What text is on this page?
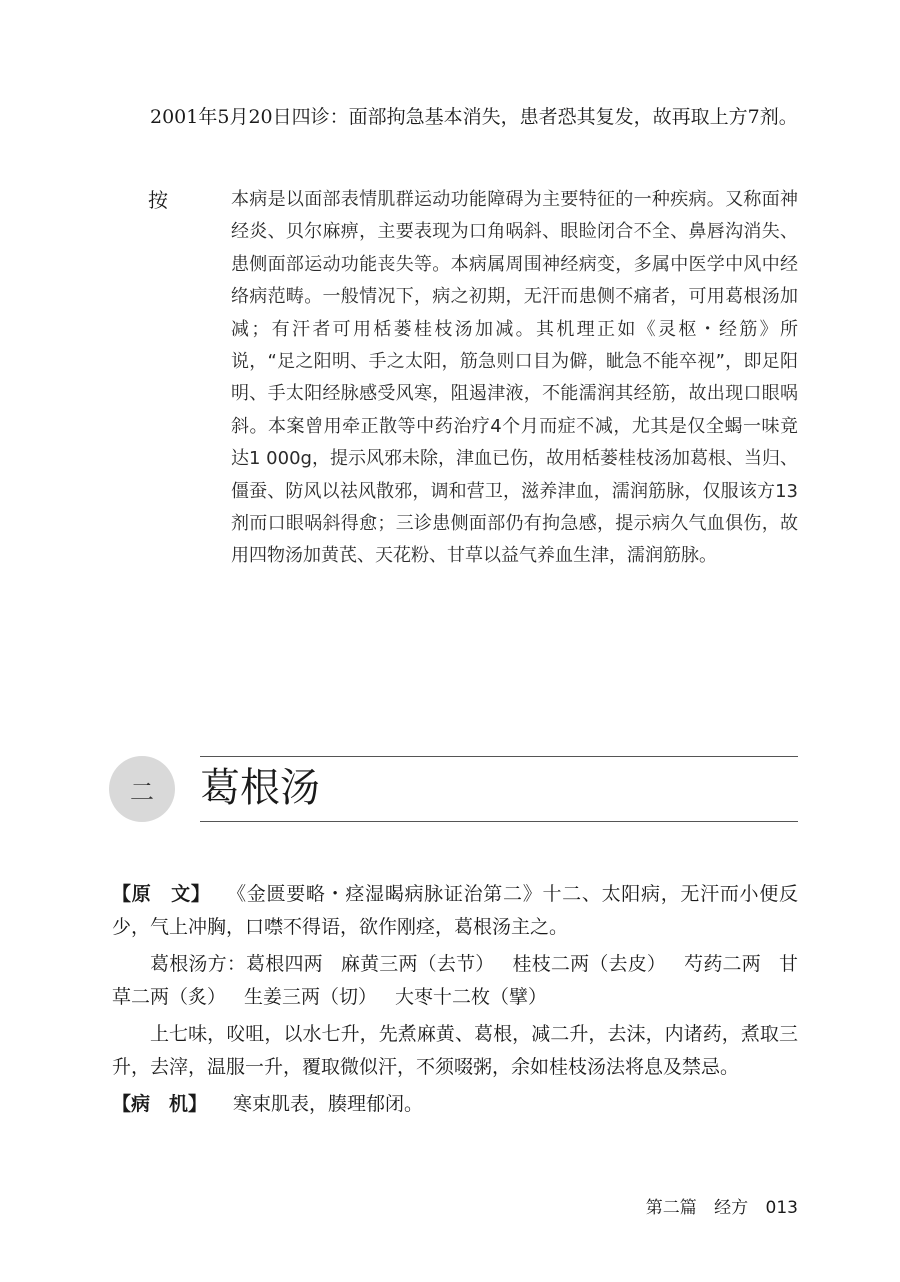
2001年5月20日四诊：面部拘急基本消失，患者恐其复发，故再取上方7剂。

按	本病是以面部表情肌群运动功能障碍为主要特征的一种疾病。又称面神经炎、贝尔麻痹，主要表现为口角㖞斜、眼睑闭合不全、鼻唇沟消失、患侧面部运动功能丧失等。本病属周围神经病变，多属中医学中风中经络病范畴。一般情况下，病之初期，无汗而患侧不痛者，可用葛根汤加减；有汗者可用栝蒌桂枝汤加减。其机理正如《灵枢・经筋》所说，“足之阳明、手之太阳，筋急则口目为僻，眦急不能卒视”，即足阳明、手太阳经脉感受风寒，阻遏津液，不能濡润其经筋，故出现口眼㖞斜。本案曾用牵正散等中药治疗4个月而症不减，尤其是仅全蝎一味竟达1 000g，提示风邪未除，津血已伤，故用栝蒌桂枝汤加葛根、当归、僵蚕、防风以祛风散邪，调和营卫，滋养津血，濡润筋脉，仅服该方13剂而口眼㖞斜得愈；三诊患侧面部仍有拘急感，提示病久气血俱伤，故用四物汤加黄芪、天花粉、甘草以益气养血生津，濡润筋脉。

二	葛根汤

【原　文】 《金匮要略・痉湿暍病脉证治第二》十二、太阳病，无汗而小便反少，气上冲胸，口噤不得语，欲作刚痉，葛根汤主之。

葛根汤方：葛根四两 麻黄三两（去节） 桂枝二两（去皮） 芍药二两 甘草二两（炙） 生姜三两（切） 大枣十二枚（擘）

上七味，㕮咀，以水七升，先煮麻黄、葛根，减二升，去沫，内诸药，煮取三升，去滓，温服一升，覆取微似汗，不须啜粥，余如桂枝汤法将息及禁忌。

【病　机】 寒束肌表，腠理郁闭。

第二篇 经方 013
